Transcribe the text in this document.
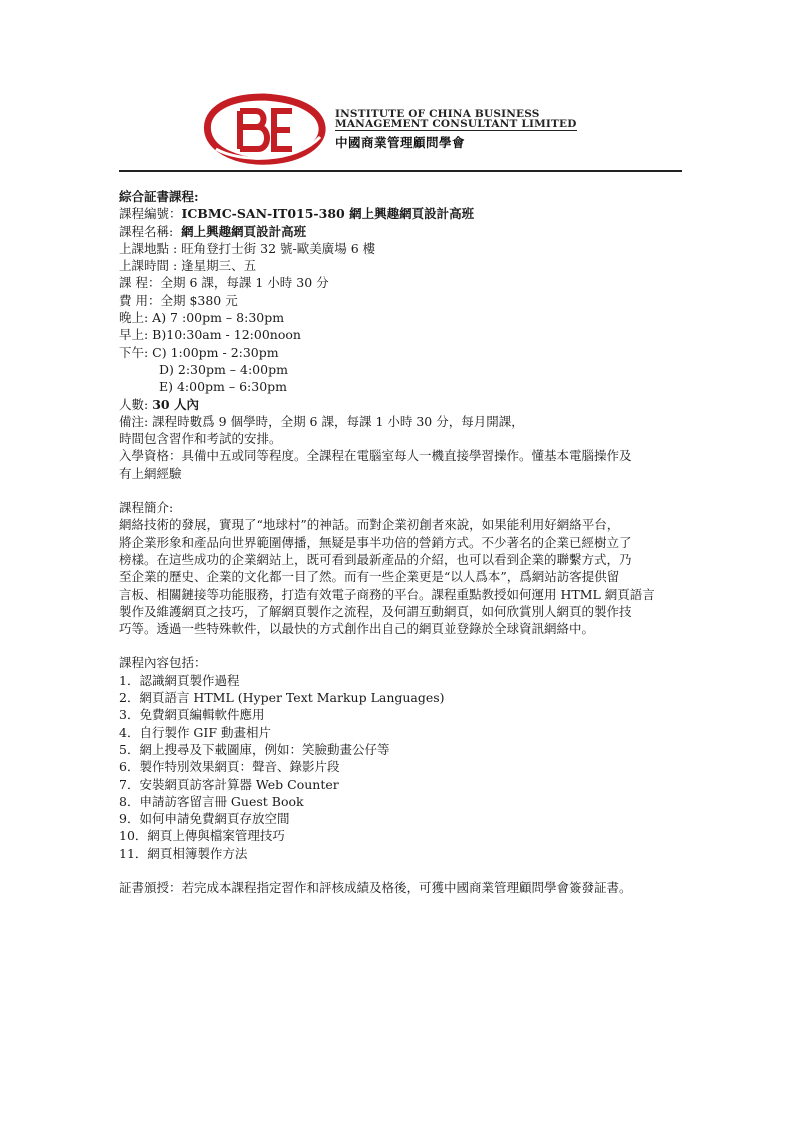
INSTITUTE OF CHINA BUSINESS
MANAGEMENT CONSULTANT LIMITED
中國商業管理顧問學會
綜合証書課程:
課程編號：ICBMC-SAN-IT015-380 網上興趣網頁設計高班
課程名稱: 網上興趣網頁設計高班
上課地點 : 旺角登打士街 32 號-歐美廣場 6 樓
上課時間 : 逢星期三、五
課 程：全期 6 課，每課 1 小時 30 分
費 用：全期 $380 元
晚上: A) 7 :00pm – 8:30pm
早上: B)10:30am - 12:00noon
下午: C) 1:00pm - 2:30pm
D) 2:30pm – 4:00pm
E) 4:00pm – 6:30pm
人數: 30 人內
備注: 課程時數爲 9 個學時，全期 6 課，每課 1 小時 30 分，每月開課，
時間包含習作和考試的安排。
入學資格：具備中五或同等程度。全課程在電腦室每人一機直接學習操作。懂基本電腦操作及
有上網經驗
課程簡介:
網絡技術的發展，實現了“地球村”的神話。而對企業初創者來說，如果能利用好網絡平台，
將企業形象和產品向世界範圍傳播，無疑是事半功倍的營銷方式。不少著名的企業已經樹立了
榜樣。在這些成功的企業網站上，既可看到最新產品的介紹，也可以看到企業的聯繫方式，乃
至企業的歷史、企業的文化都一目了然。而有一些企業更是“以人爲本”，爲網站訪客提供留
言板、相關鏈接等功能服務，打造有效電子商務的平台。課程重點教授如何運用 HTML 網頁語言
製作及維護網頁之技巧，了解網頁製作之流程，及何謂互動網頁，如何欣賞別人網頁的製作技
巧等。透過一些特殊軟件，以最快的方式創作出自己的網頁並登錄於全球資訊網絡中。
課程內容包括：
1．認識網頁製作過程
2．網頁語言 HTML (Hyper Text Markup Languages)
3．免費網頁編輯軟件應用
4．自行製作 GIF 動畫相片
5．網上搜尋及下載圖庫，例如：笑臉動畫公仔等
6．製作特別效果網頁：聲音、錄影片段
7．安裝網頁訪客計算器 Web Counter
8．申請訪客留言冊 Guest Book
9．如何申請免費網頁存放空間
10．網頁上傳與檔案管理技巧
11．網頁相簿製作方法
証書頒授：若完成本課程指定習作和評核成績及格後，可獲中國商業管理顧問學會簽發証書。
